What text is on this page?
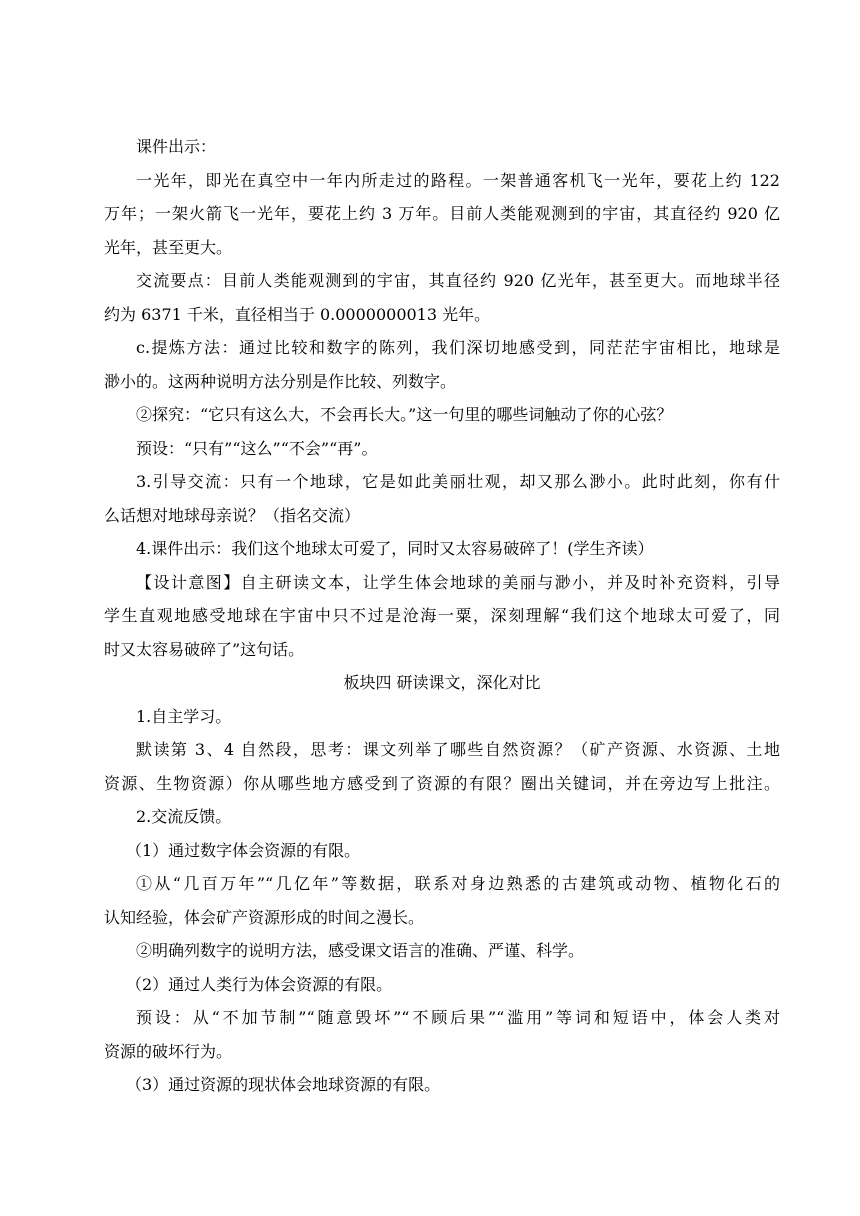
课件出示：
一光年，即光在真空中一年内所走过的路程。一架普通客机飞一光年，要花上约 122
万年；一架火箭飞一光年，要花上约 3 万年。目前人类能观测到的宇宙，其直径约 920 亿
光年，甚至更大。
交流要点：目前人类能观测到的宇宙，其直径约 920 亿光年，甚至更大。而地球半径
约为 6371 千米，直径相当于 0.0000000013 光年。
c.提炼方法：通过比较和数字的陈列，我们深切地感受到，同茫茫宇宙相比，地球是
渺小的。这两种说明方法分别是作比较、列数字。
②探究：“它只有这么大，不会再长大。”这一句里的哪些词触动了你的心弦？
预设：“只有”“这么”“不会”“再”。
3.引导交流：只有一个地球，它是如此美丽壮观，却又那么渺小。此时此刻，你有什
么话想对地球母亲说？（指名交流）
4.课件出示：我们这个地球太可爱了，同时又太容易破碎了！(学生齐读）
【设计意图】自主研读文本，让学生体会地球的美丽与渺小，并及时补充资料，引导
学生直观地感受地球在宇宙中只不过是沧海一粟，深刻理解“我们这个地球太可爱了，同
时又太容易破碎了”这句话。
板块四 研读课文，深化对比
1.自主学习。
默读第 3、4 自然段，思考：课文列举了哪些自然资源？（矿产资源、水资源、土地
资源、生物资源）你从哪些地方感受到了资源的有限？圈出关键词，并在旁边写上批注。
2.交流反馈。
（1）通过数字体会资源的有限。
①从“几百万年”“几亿年”等数据，联系对身边熟悉的古建筑或动物、植物化石的
认知经验，体会矿产资源形成的时间之漫长。
②明确列数字的说明方法，感受课文语言的准确、严谨、科学。
（2）通过人类行为体会资源的有限。
预设：从“不加节制”“随意毁坏”“不顾后果”“滥用”等词和短语中，体会人类对
资源的破坏行为。
（3）通过资源的现状体会地球资源的有限。
